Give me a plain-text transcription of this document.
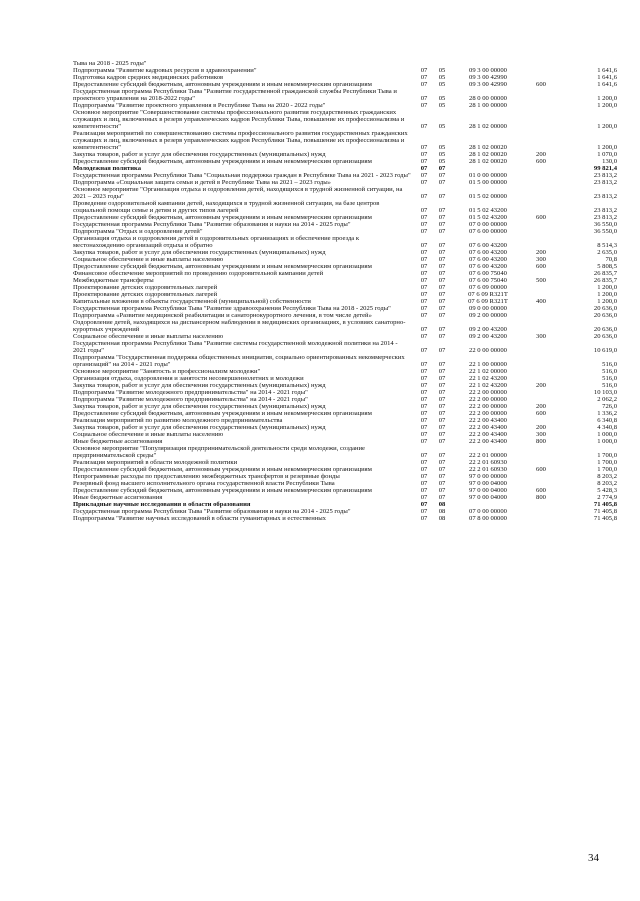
Тыва на 2018 - 2025 годы"					
Подпрограмма "Развитие кадровых ресурсов в здравоохранении"	07	05	09 3 00 00000		1 641,6
Подготовка кадров средних медицинских работников	07	05	09 3 00 42990		1 641,6
Предоставление субсидий бюджетным, автономным учреждениям и иным некоммерческим организациям	07	05	09 3 00 42990	600	1 641,6
Государственная программа Республики Тыва "Развитие государственной гражданской службы Республики Тыва и проектного управления на 2018-2022 годы"	07	05	28 0 00 00000		1 200,0
Подпрограмма "Развитие проектного управления в Республике Тыва на 2020 - 2022 годы"	07	05	28 1 00 00000		1 200,0
Основное мероприятие "Совершенствование системы профессионального развития государственных гражданских служащих и лиц, включенных в резерв управленческих кадров Республики Тыва, повышение их профессионализма и компетентности"	07	05	28 1 02 00000		1 200,0
Реализация мероприятий по совершенствованию системы профессионального развития государственных гражданских служащих и лиц, включенных в резерв управленческих кадров Республики Тыва, повышение их профессионализма и компетентности"	07	05	28 1 02 00020		1 200,0
Закупка товаров, работ и услуг для обеспечения государственных (муниципальных) нужд	07	05	28 1 02 00020	200	1 070,0
Предоставление субсидий бюджетным, автономным учреждениям и иным некоммерческим организациям	07	05	28 1 02 00020	600	130,0
Молодежная политика	07	07			99 821,4
Государственная программа Республики Тыва "Социальная поддержка граждан в Республике Тыва на 2021 - 2023 годы"	07	07	01 0 00 00000		23 813,2
Подпрограмма «Социальная защита семьи и детей в Республике Тыва на 2021 – 2023 годы»	07	07	01 5 00 00000		23 813,2
Основное мероприятие "Организация отдыха и оздоровления детей, находящихся в трудной жизненной ситуации, на 2021 – 2023 годы"	07	07	01 5 02 00000		23 813,2
Проведение оздоровительной кампании детей, находящихся в трудной жизненной ситуации, на базе центров социальной помощи семье и детям и других типов лагерей	07	07	01 5 02 43200		23 813,2
Предоставление субсидий бюджетным, автономным учреждениям и иным некоммерческим организациям	07	07	01 5 02 43200	600	23 813,2
Государственная программа Республики Тыва "Развитие образования и науки на 2014 - 2025 годы"	07	07	07 0 00 00000		36 550,0
Подпрограмма "Отдых и оздоровление детей"	07	07	07 6 00 00000		36 550,0
Организация отдыха и оздоровления детей в оздоровительных организациях и обеспечение проезда к местонахождению организаций отдыха и обратно	07	07	07 6 00 43200		8 514,3
Закупка товаров, работ и услуг для обеспечения государственных (муниципальных) нужд	07	07	07 6 00 43200	200	2 635,0
Социальное обеспечение и иные выплаты населению	07	07	07 6 00 43200	300	70,8
Предоставление субсидий бюджетным, автономным учреждениям и иным некоммерческим организациям	07	07	07 6 00 43200	600	5 808,5
Финансовое обеспечение мероприятий по проведению оздоровительной кампании детей	07	07	07 6 00 75040		26 835,7
Межбюджетные трансферты	07	07	07 6 00 75040	500	26 835,7
Проектирование детских оздоровительных лагерей	07	07	07 6 09 00000		1 200,0
Проектирование детских оздоровительных лагерей	07	07	07 6 09 R321T		1 200,0
Капитальные вложения в объекты государственной (муниципальной) собственности	07	07	07 6 09 R321T	400	1 200,0
Государственная программа Республики Тыва "Развитие здравоохранения Республики Тыва на 2018 - 2025 годы"	07	07	09 0 00 00000		20 636,0
Подпрограмма «Развитие медицинской реабилитации и санаторнокурортного лечения, в том числе детей»	07	07	09 2 00 00000		20 636,0
Оздоровление детей, находящихся на диспансерном наблюдении в медицинских организациях, в условиях санаторно-курортных учреждений	07	07	09 2 00 43200		20 636,0
Социальное обеспечение и иные выплаты населению	07	07	09 2 00 43200	300	20 636,0
Государственная программа Республики Тыва "Развитие системы государственной молодежной политики на 2014 - 2021 годы"	07	07	22 0 00 00000		10 619,0
Подпрограмма "Государственная поддержка общественных инициатив, социально ориентированных некоммерческих организаций" на 2014 - 2021 годы"	07	07	22 1 00 00000		516,0
Основное мероприятие "Занятость и профессионализм молодежи"	07	07	22 1 02 00000		516,0
Организация отдыха, оздоровления и занятости несовершеннолетних и молодежи	07	07	22 1 02 43200		516,0
Закупка товаров, работ и услуг для обеспечения государственных (муниципальных) нужд	07	07	22 1 02 43200	200	516,0
Подпрограмма "Развитие молодежного предпринимательства" на 2014 - 2021 годы"	07	07	22 2 00 00000		10 103,0
Подпрограмма "Развитие молодежного предпринимательства" на 2014 - 2021 годы"	07	07	22 2 00 00000		2 062,2
Закупка товаров, работ и услуг для обеспечения государственных (муниципальных) нужд	07	07	22 2 00 00000	200	726,0
Предоставление субсидий бюджетным, автономным учреждениям и иным некоммерческим организациям	07	07	22 2 00 00000	600	1 336,2
Реализация мероприятий по развитию молодежного предпринимательства	07	07	22 2 00 43400		6 340,8
Закупка товаров, работ и услуг для обеспечения государственных (муниципальных) нужд	07	07	22 2 00 43400	200	4 340,8
Социальное обеспечение и иные выплаты населению	07	07	22 2 00 43400	300	1 000,0
Иные бюджетные ассигнования	07	07	22 2 00 43400	800	1 000,0
Основное мероприятие "Популяризация предпринимательской деятельности среди молодежи, создание предпринимательской среды"	07	07	22 2 01 00000		1 700,0
Реализация мероприятий в области молодежной политики	07	07	22 2 01 60930		1 700,0
Предоставление субсидий бюджетным, автономным учреждениям и иным некоммерческим организациям	07	07	22 2 01 60930	600	1 700,0
Непрограммные расходы по предоставлению межбюджетных трансфертов и резервные фонды	07	07	97 0 00 00000		8 203,2
Резервный фонд высшего исполнительного органа государственной власти Республики Тыва	07	07	97 0 00 04000		8 203,2
Предоставление субсидий бюджетным, автономным учреждениям и иным некоммерческим организациям	07	07	97 0 00 04000	600	5 428,3
Иные бюджетные ассигнования	07	07	97 0 00 04000	800	2 774,9
Прикладные научные исследования в области образования	07	08			71 405,8
Государственная программа Республики Тыва "Развитие образования и науки на 2014 - 2025 годы"	07	08	07 0 00 00000		71 405,8
Подпрограмма "Развитие научных исследований в области гуманитарных и естественных	07	08	07 8 00 00000		71 405,8
34
